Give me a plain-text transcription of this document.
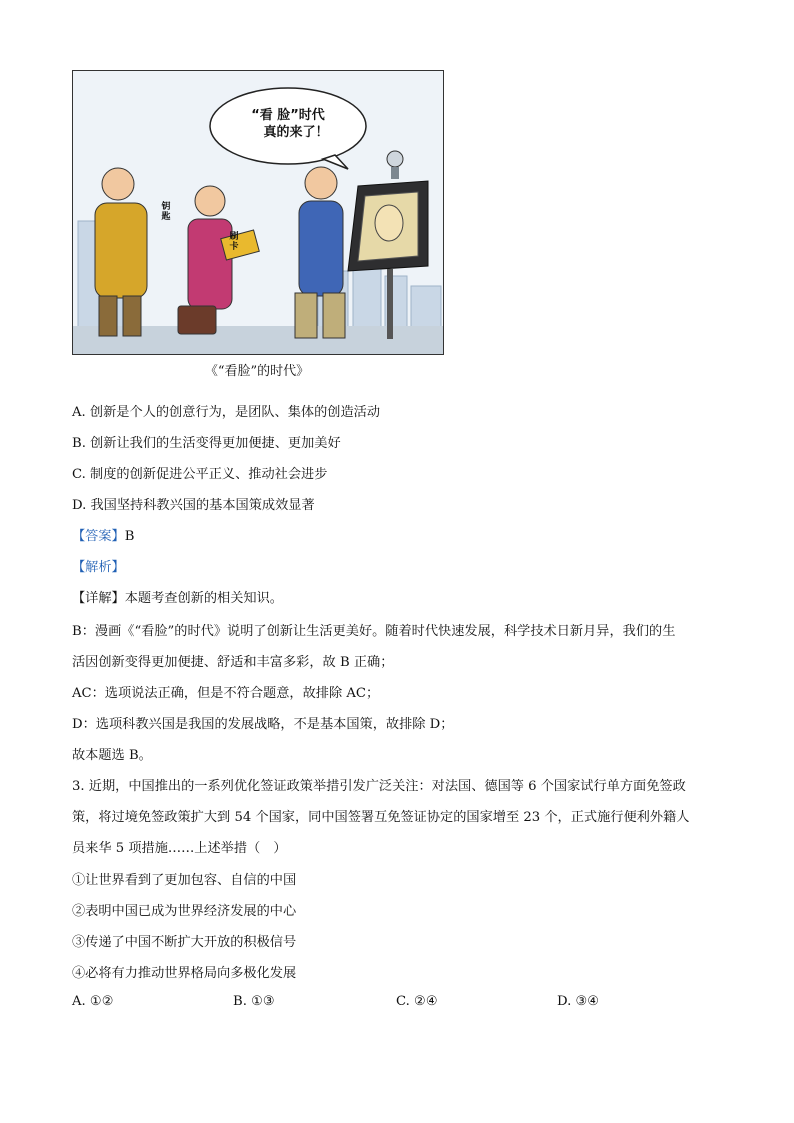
“看 脸”时代
真的来了！
钥匙
刷卡
《“看脸”的时代》
A. 创新是个人的创意行为，是团队、集体的创造活动
B. 创新让我们的生活变得更加便捷、更加美好
C. 制度的创新促进公平正义、推动社会进步
D. 我国坚持科教兴国的基本国策成效显著
【答案】B
【解析】
【详解】本题考查创新的相关知识。
B：漫画《“看脸”的时代》说明了创新让生活更美好。随着时代快速发展，科学技术日新月异，我们的生
活因创新变得更加便捷、舒适和丰富多彩，故 B 正确；
AC：选项说法正确，但是不符合题意，故排除 AC；
D：选项科教兴国是我国的发展战略，不是基本国策，故排除 D；
故本题选 B。
3. 近期，中国推出的一系列优化签证政策举措引发广泛关注：对法国、德国等 6 个国家试行单方面免签政
策，将过境免签政策扩大到 54 个国家，同中国签署互免签证协定的国家增至 23 个，正式施行便利外籍人
员来华 5 项措施……上述举措（　）
①让世界看到了更加包容、自信的中国
②表明中国已成为世界经济发展的中心
③传递了中国不断扩大开放的积极信号
④必将有力推动世界格局向多极化发展
A. ①②	B. ①③	C. ②④	D. ③④
